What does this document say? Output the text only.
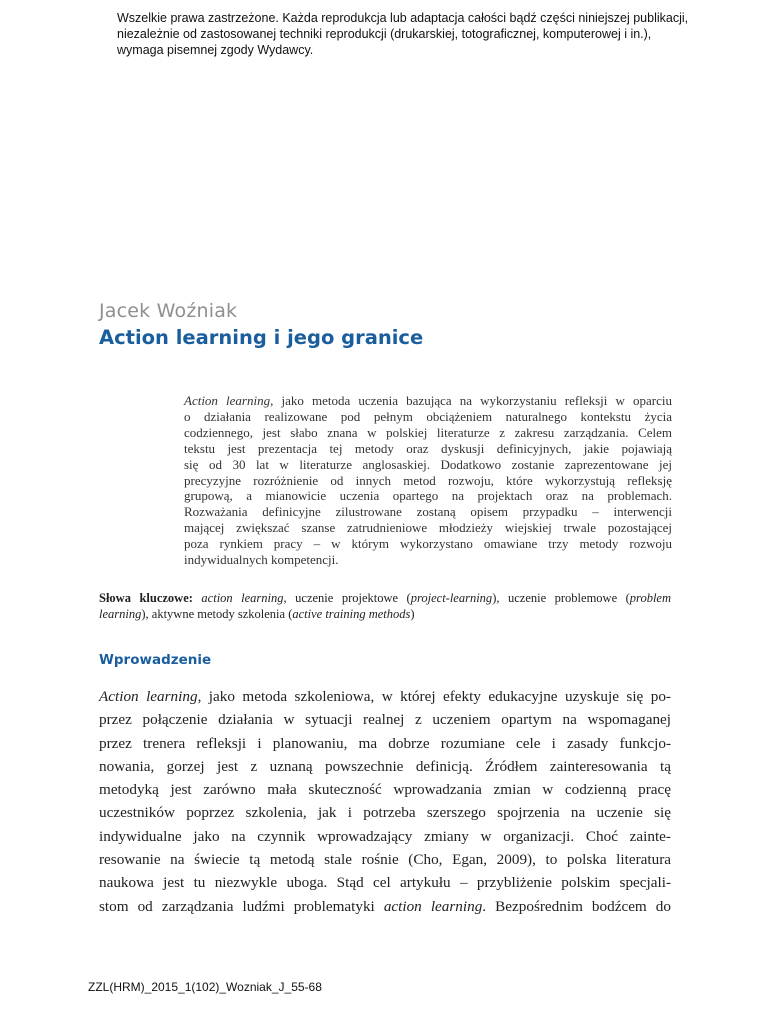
Wszelkie prawa zastrzeżone. Każda reprodukcja lub adaptacja całości bądź części niniejszej publikacji,
niezależnie od zastosowanej techniki reprodukcji (drukarskiej, totograficznej, komputerowej i in.),
wymaga pisemnej zgody Wydawcy.
Jacek Woźniak
Action learning i jego granice
Action learning, jako metoda uczenia bazująca na wykorzystaniu refleksji w oparciu
o działania realizowane pod pełnym obciążeniem naturalnego kontekstu życia
codziennego, jest słabo znana w polskiej literaturze z zakresu zarządzania. Celem
tekstu jest prezentacja tej metody oraz dyskusji definicyjnych, jakie pojawiają
się od 30 lat w literaturze anglosaskiej. Dodatkowo zostanie zaprezentowane jej
precyzyjne rozróżnienie od innych metod rozwoju, które wykorzystują refleksję
grupową, a mianowicie uczenia opartego na projektach oraz na problemach.
Rozważania definicyjne zilustrowane zostaną opisem przypadku – interwencji
mającej zwiększać szanse zatrudnieniowe młodzieży wiejskiej trwale pozostającej
poza rynkiem pracy – w którym wykorzystano omawiane trzy metody rozwoju
indywidualnych kompetencji.
Słowa kluczowe: action learning, uczenie projektowe (project-learning), uczenie problemowe (problem
learning), aktywne metody szkolenia (active training methods)
Wprowadzenie
Action learning, jako metoda szkoleniowa, w której efekty edukacyjne uzyskuje się po-
przez połączenie działania w sytuacji realnej z uczeniem opartym na wspomaganej
przez trenera refleksji i planowaniu, ma dobrze rozumiane cele i zasady funkcjo-
nowania, gorzej jest z uznaną powszechnie definicją. Źródłem zainteresowania tą
metodyką jest zarówno mała skuteczność wprowadzania zmian w codzienną pracę
uczestników poprzez szkolenia, jak i potrzeba szerszego spojrzenia na uczenie się
indywidualne jako na czynnik wprowadzający zmiany w organizacji. Choć zainte-
resowanie na świecie tą metodą stale rośnie (Cho, Egan, 2009), to polska literatura
naukowa jest tu niezwykle uboga. Stąd cel artykułu – przybliżenie polskim specjali-
stom od zarządzania ludźmi problematyki action learning. Bezpośrednim bodźcem do
ZZL(HRM)_2015_1(102)_Wozniak_J_55-68
